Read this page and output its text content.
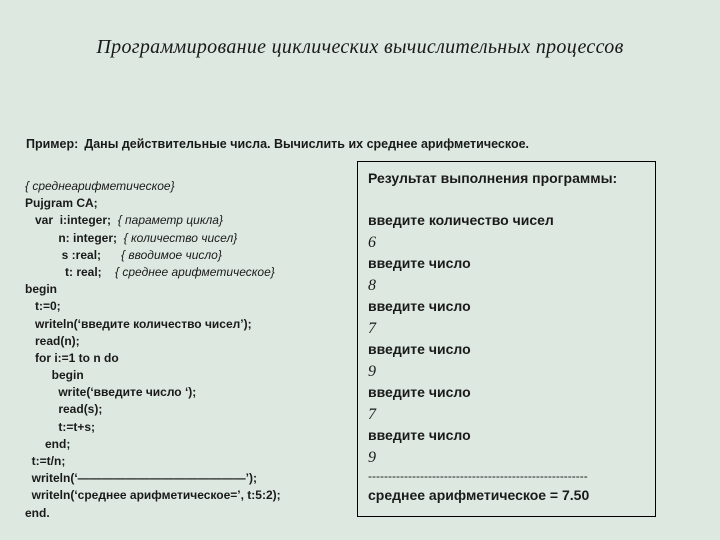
Программирование циклических вычислительных процессов
Пример: Даны действительные числа. Вычислить их среднее арифметическое.
{ среднеарифметическое}
Pujgram CA;
var  i:integer;  { параметр цикла}
n: integer;  { количество чисел}
s :real;      { вводимое число}
t: real;    { среднее арифметическое}
begin
t:=0;
writeln(‘введите количество чисел’);
read(n);
for i:=1 to n do
begin
write(‘введите число ‘);
read(s);
t:=t+s;
end;
t:=t/n;
writeln(‘——————————————’);
writeln(‘среднее арифметическое=’, t:5:2);
end.
Результат выполнения программы:
введите количество чисел
6
введите число
8
введите число
7
введите число
9
введите число
7
введите число
9
-------------------------------------------------------
среднее арифметическое = 7.50
